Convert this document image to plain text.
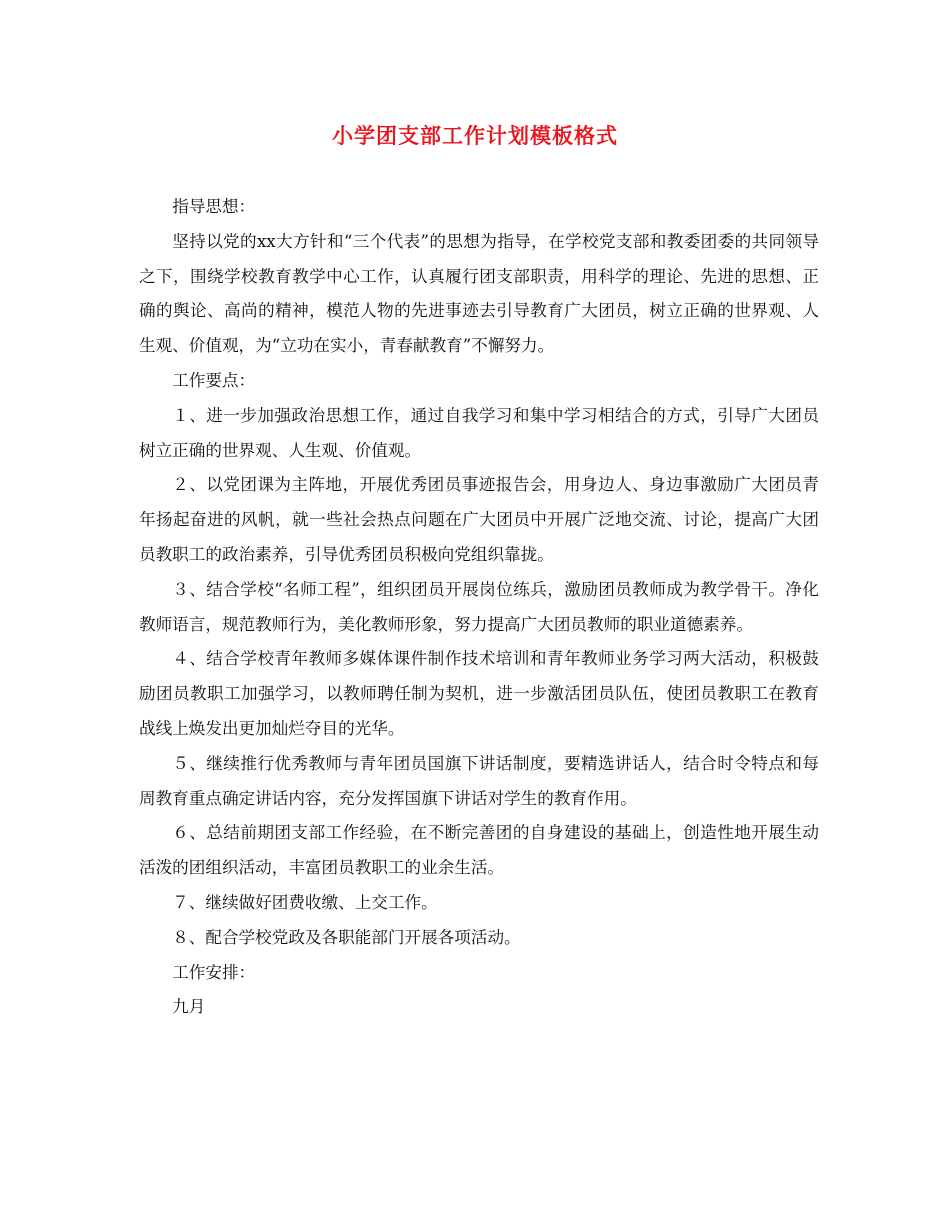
小学团支部工作计划模板格式

指导思想：

坚持以党的xx大方针和“三个代表”的思想为指导，在学校党支部和教委团委的共同领导之下，围绕学校教育教学中心工作，认真履行团支部职责，用科学的理论、先进的思想、正确的舆论、高尚的精神，模范人物的先进事迹去引导教育广大团员，树立正确的世界观、人生观、价值观，为“立功在实小，青春献教育”不懈努力。

工作要点：

１、进一步加强政治思想工作，通过自我学习和集中学习相结合的方式，引导广大团员树立正确的世界观、人生观、价值观。

２、以党团课为主阵地，开展优秀团员事迹报告会，用身边人、身边事激励广大团员青年扬起奋进的风帆，就一些社会热点问题在广大团员中开展广泛地交流、讨论，提高广大团员教职工的政治素养，引导优秀团员积极向党组织靠拢。

３、结合学校“名师工程”，组织团员开展岗位练兵，激励团员教师成为教学骨干。净化教师语言，规范教师行为，美化教师形象，努力提高广大团员教师的职业道德素养。

４、结合学校青年教师多媒体课件制作技术培训和青年教师业务学习两大活动，积极鼓励团员教职工加强学习，以教师聘任制为契机，进一步激活团员队伍，使团员教职工在教育战线上焕发出更加灿烂夺目的光华。

５、继续推行优秀教师与青年团员国旗下讲话制度，要精选讲话人，结合时令特点和每周教育重点确定讲话内容，充分发挥国旗下讲话对学生的教育作用。

６、总结前期团支部工作经验，在不断完善团的自身建设的基础上，创造性地开展生动活泼的团组织活动，丰富团员教职工的业余生活。

７、继续做好团费收缴、上交工作。

８、配合学校党政及各职能部门开展各项活动。

工作安排：

九月
